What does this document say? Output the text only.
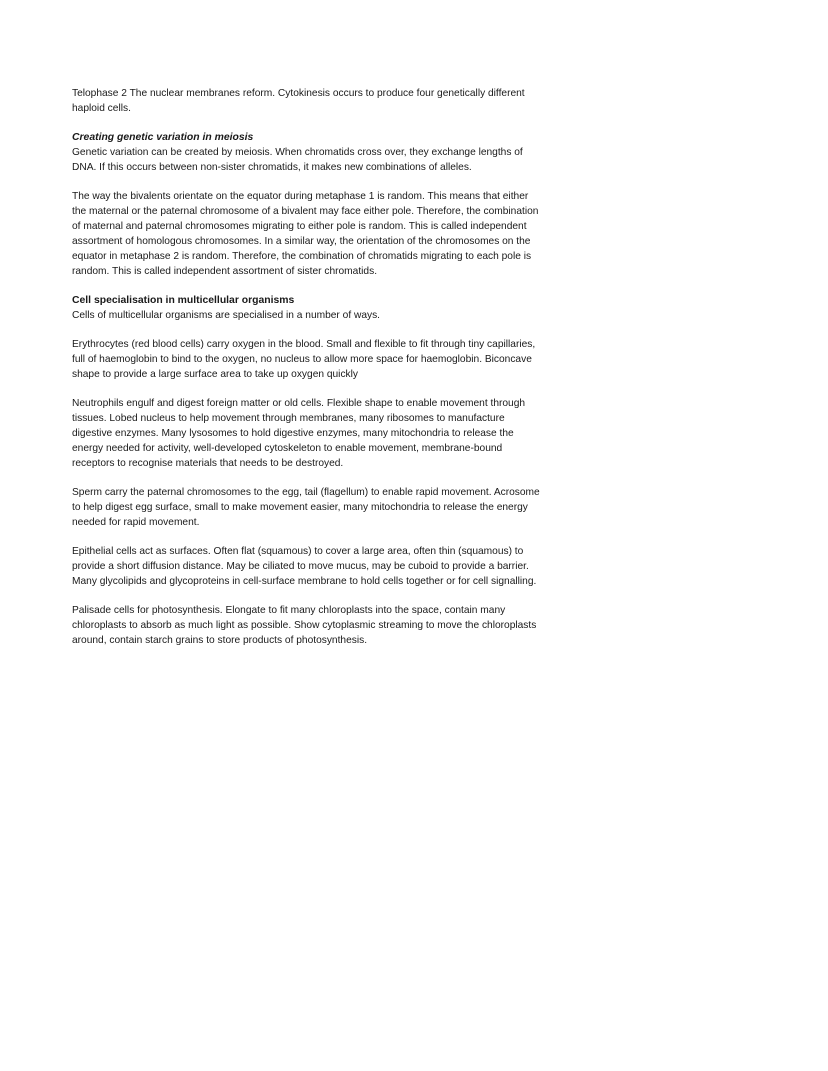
Telophase 2 The nuclear membranes reform. Cytokinesis occurs to produce four genetically different haploid cells.

Creating genetic variation in meiosis

Genetic variation can be created by meiosis. When chromatids cross over, they exchange lengths of DNA. If this occurs between non-sister chromatids, it makes new combinations of alleles.

The way the bivalents orientate on the equator during metaphase 1 is random. This means that either the maternal or the paternal chromosome of a bivalent may face either pole. Therefore, the combination of maternal and paternal chromosomes migrating to either pole is random. This is called independent assortment of homologous chromosomes. In a similar way, the orientation of the chromosomes on the equator in metaphase 2 is random. Therefore, the combination of chromatids migrating to each pole is random. This is called independent assortment of sister chromatids.

Cell specialisation in multicellular organisms

Cells of multicellular organisms are specialised in a number of ways.

Erythrocytes (red blood cells) carry oxygen in the blood. Small and flexible to fit through tiny capillaries, full of haemoglobin to bind to the oxygen, no nucleus to allow more space for haemoglobin. Biconcave shape to provide a large surface area to take up oxygen quickly

Neutrophils engulf and digest foreign matter or old cells. Flexible shape to enable movement through tissues. Lobed nucleus to help movement through membranes, many ribosomes to manufacture digestive enzymes. Many lysosomes to hold digestive enzymes, many mitochondria to release the energy needed for activity, well-developed cytoskeleton to enable movement, membrane-bound receptors to recognise materials that needs to be destroyed.

Sperm carry the paternal chromosomes to the egg, tail (flagellum) to enable rapid movement. Acrosome to help digest egg surface, small to make movement easier, many mitochondria to release the energy needed for rapid movement.

Epithelial cells act as surfaces. Often flat (squamous) to cover a large area, often thin (squamous) to provide a short diffusion distance. May be ciliated to move mucus, may be cuboid to provide a barrier. Many glycolipids and glycoproteins in cell-surface membrane to hold cells together or for cell signalling.

Palisade cells for photosynthesis. Elongate to fit many chloroplasts into the space, contain many chloroplasts to absorb as much light as possible. Show cytoplasmic streaming to move the chloroplasts around, contain starch grains to store products of photosynthesis.
